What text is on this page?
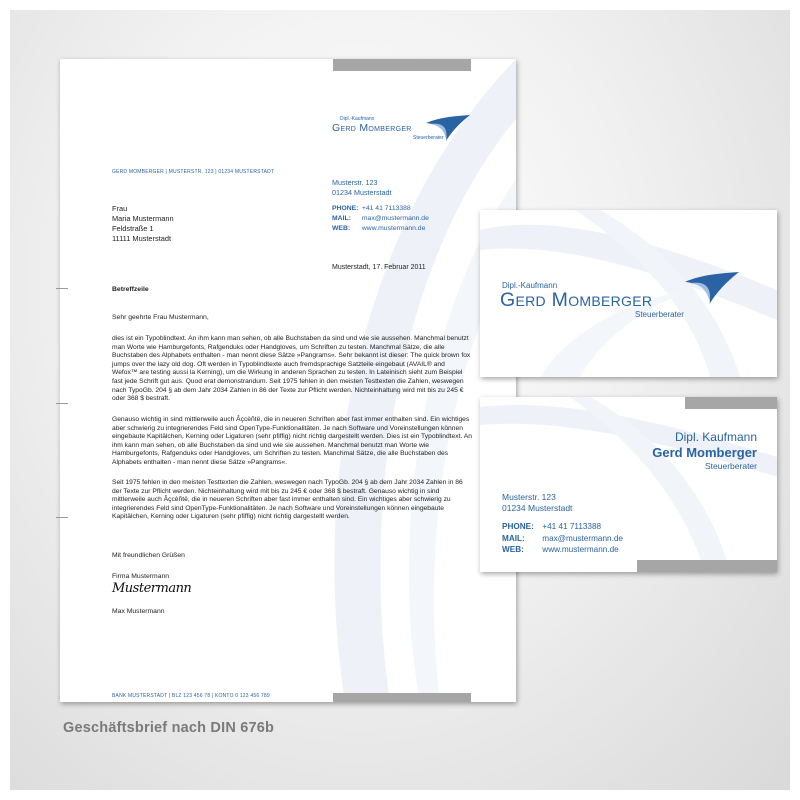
Dipl.-Kaufmann
Gerd Momberger
Steuerberater
GERD MOMBERGER | MUSTERSTR. 123 | 01234 MUSTERSTADT
Frau
Maria Mustermann
Feldstraße 1
11111 Musterstadt
Musterstr. 123
01234 Musterstadt
PHONE: +41 41 7113388
MAIL: max@mustermann.de
WEB: www.mustermann.de
Musterstadt, 17. Februar 2011
Betreffzeile
Sehr geehrte Frau Mustermann,
dies ist ein Typoblindtext. An ihm kann man sehen, ob alle Buchstaben da sind und wie sie aussehen. Manchmal benutzt man Worte wie Hamburgefonts, Rafgenduks oder Handgloves, um Schriften zu testen. Manchmal Sätze, die alle Buchstaben des Alphabets enthalten - man nennt diese Sätze »Pangrams«. Sehr bekannt ist dieser: The quick brown fox jumps over the lazy old dog. Oft werden in Typoblindtexte auch fremdsprachige Satzteile eingebaut (AVAIL® and Wefox™ are testing aussi la Kerning), um die Wirkung in anderen Sprachen zu testen. In Lateinisch sieht zum Beispiel fast jede Schrift gut aus. Quod erat demonstrandum. Seit 1975 fehlen in den meisten Testtexten die Zahlen, weswegen nach TypoGb. 204 § ab dem Jahr 2034 Zahlen in 86 der Texte zur Pflicht werden. Nichteinhaltung wird mit bis zu 245 € oder 368 $ bestraft.
Genauso wichtig in sind mittlerweile auch Âçcèñtë, die in neueren Schriften aber fast immer enthalten sind. Ein wichtiges aber schwierig zu integrierendes Feld sind OpenType-Funktionalitäten. Je nach Software und Voreinstellungen können eingebaute Kapitälchen, Kerning oder Ligaturen (sehr pfiffig) nicht richtig dargestellt werden. Dies ist ein Typoblindtext. An ihm kann man sehen, ob alle Buchstaben da sind und wie sie aussehen. Manchmal benutzt man Worte wie Hamburgefonts, Rafgenduks oder Handgloves, um Schriften zu testen. Manchmal Sätze, die alle Buchstaben des Alphabets enthalten - man nennt diese Sätze »Pangrams«.
Seit 1975 fehlen in den meisten Testtexten die Zahlen, weswegen nach TypoGb. 204 § ab dem Jahr 2034 Zahlen in 86 der Texte zur Pflicht werden. Nichteinhaltung wird mit bis zu 245 € oder 368 $ bestraft. Genauso wichtig in sind mittlerweile auch Âçcèñtë, die in neueren Schriften aber fast immer enthalten sind. Ein wichtiges aber schwierig zu integrierendes Feld sind OpenType-Funktionalitäten. Je nach Software und Voreinstellungen können eingebaute Kapitälchen, Kerning oder Ligaturen (sehr pfiffig) nicht richtig dargestellt werden.
Mit freundlichen Grüßen
Firma Mustermann
Mustermann
Max Mustermann
BANK MUSTERSTADT | BLZ 123 456 78 | KONTO 0 123 456 789
Dipl.-Kaufmann
Gerd Momberger
Steuerberater
Dipl. Kaufmann
Gerd Momberger
Steuerberater
Musterstr. 123
01234 Musterstadt
PHONE: +41 41 7113388
MAIL: max@mustermann.de
WEB: www.mustermann.de
Geschäftsbrief nach DIN 676b
